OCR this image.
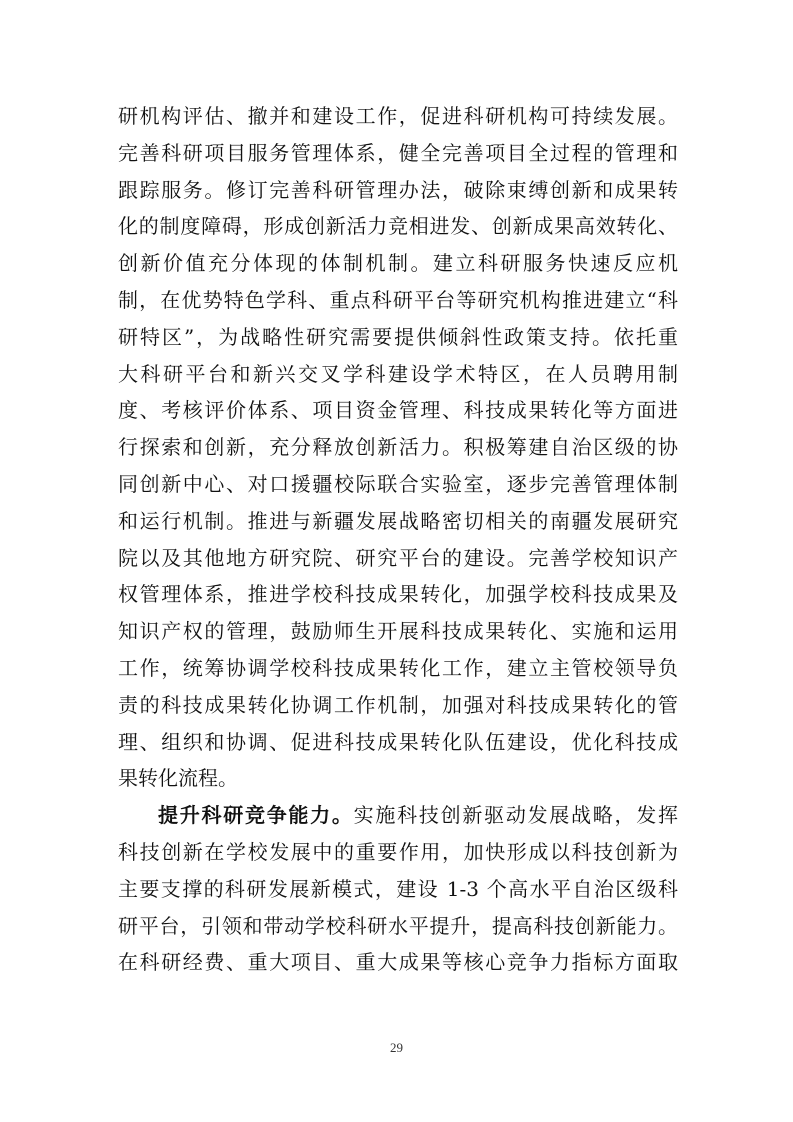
研机构评估、撤并和建设工作，促进科研机构可持续发展。
完善科研项目服务管理体系，健全完善项目全过程的管理和
跟踪服务。修订完善科研管理办法，破除束缚创新和成果转
化的制度障碍，形成创新活力竞相进发、创新成果高效转化、
创新价值充分体现的体制机制。建立科研服务快速反应机
制，在优势特色学科、重点科研平台等研究机构推进建立“科
研特区”，为战略性研究需要提供倾斜性政策支持。依托重
大科研平台和新兴交叉学科建设学术特区，在人员聘用制
度、考核评价体系、项目资金管理、科技成果转化等方面进
行探索和创新，充分释放创新活力。积极筹建自治区级的协
同创新中心、对口援疆校际联合实验室，逐步完善管理体制
和运行机制。推进与新疆发展战略密切相关的南疆发展研究
院以及其他地方研究院、研究平台的建设。完善学校知识产
权管理体系，推进学校科技成果转化，加强学校科技成果及
知识产权的管理，鼓励师生开展科技成果转化、实施和运用
工作，统筹协调学校科技成果转化工作，建立主管校领导负
责的科技成果转化协调工作机制，加强对科技成果转化的管
理、组织和协调、促进科技成果转化队伍建设，优化科技成
果转化流程。
提升科研竞争能力。实施科技创新驱动发展战略，发挥
科技创新在学校发展中的重要作用，加快形成以科技创新为
主要支撑的科研发展新模式，建设 1-3 个高水平自治区级科
研平台，引领和带动学校科研水平提升，提高科技创新能力。
在科研经费、重大项目、重大成果等核心竞争力指标方面取
29
